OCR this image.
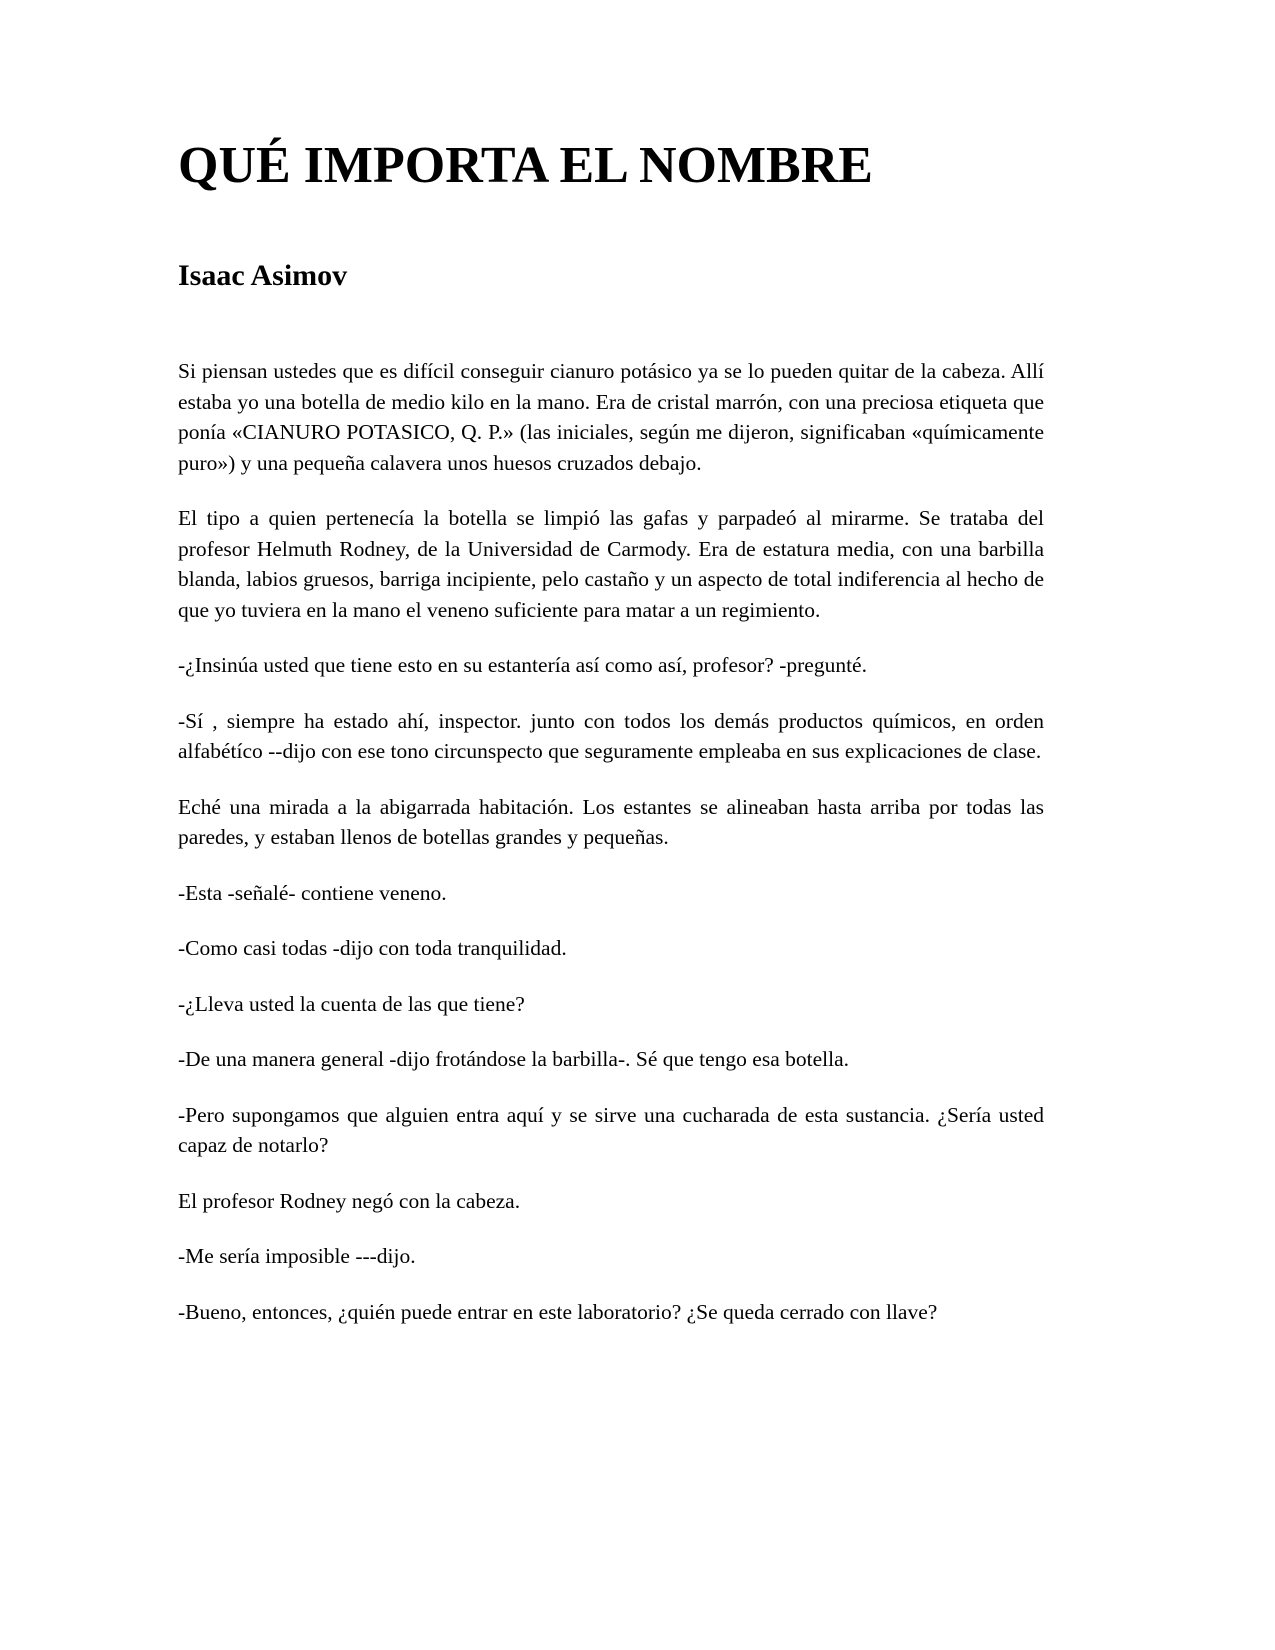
QUÉ IMPORTA EL NOMBRE
Isaac Asimov

Si piensan ustedes que es difícil conseguir cianuro potásico ya se lo pueden quitar de la cabeza. Allí estaba yo una botella de medio kilo en la mano. Era de cristal marrón, con una preciosa etiqueta que ponía «CIANURO POTASICO, Q. P.» (las iniciales, según me dijeron, significaban «químicamente puro») y una pequeña calavera unos huesos cruzados debajo.

El tipo a quien pertenecía la botella se limpió las gafas y parpadeó al mirarme. Se trataba del profesor Helmuth Rodney, de la Universidad de Carmody. Era de estatura media, con una barbilla blanda, labios gruesos, barriga incipiente, pelo castaño y un aspecto de total indiferencia al hecho de que yo tuviera en la mano el veneno suficiente para matar a un regimiento.

-¿Insinúa usted que tiene esto en su estantería así como así, profesor? -pregunté.

-Sí , siempre ha estado ahí, inspector. junto con todos los demás productos químicos, en orden alfabétíco --dijo con ese tono circunspecto que seguramente empleaba en sus explicaciones de clase.

Eché una mirada a la abigarrada habitación. Los estantes se alineaban hasta arriba por todas las paredes, y estaban llenos de botellas grandes y pequeñas.

-Esta -señalé- contiene veneno.

-Como casi todas -dijo con toda tranquilidad.

-¿Lleva usted la cuenta de las que tiene?

-De una manera general -dijo frotándose la barbilla-. Sé que tengo esa botella.

-Pero supongamos que alguien entra aquí y se sirve una cucharada de esta sustancia. ¿Sería usted capaz de notarlo?

El profesor Rodney negó con la cabeza.

-Me sería imposible ---dijo.

-Bueno, entonces, ¿quién puede entrar en este laboratorio? ¿Se queda cerrado con llave?
